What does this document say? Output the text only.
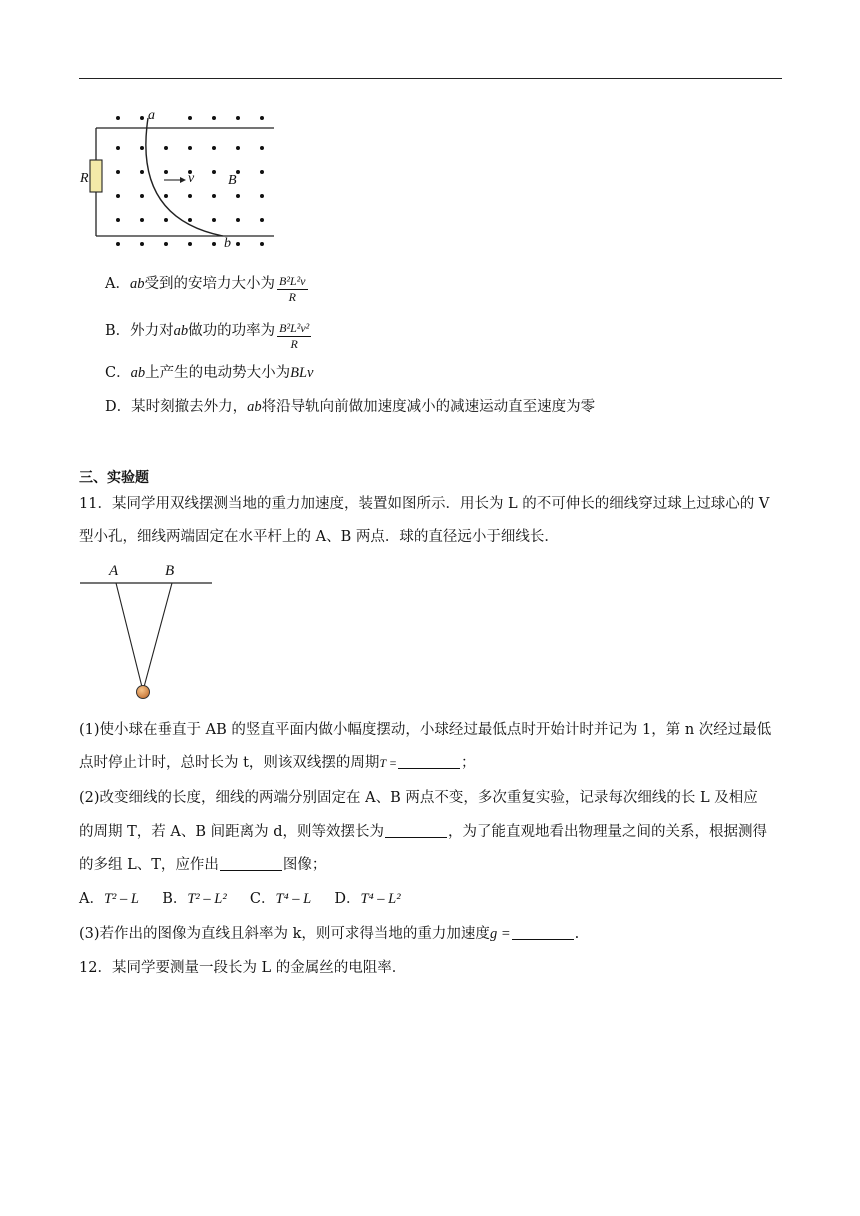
a
b
R	v B
A．ab受到的安培力大小为 $\frac{\text{B²L²v}}{R}$
B．外力对ab做功的功率为 $\frac{\text{B²L²v²}}{R}$
C．ab上产生的电动势大小为BLv
D．某时刻撤去外力，ab将沿导轨向前做加速度减小的减速运动直至速度为零
三、实验题
11．某同学用双线摆测当地的重力加速度，装置如图所示．用长为 L 的不可伸长的细线穿过球上过球心的 V
型小孔，细线两端固定在水平杆上的 A、B 两点．球的直径远小于细线长．
A	B
(1)使小球在垂直于 AB 的竖直平面内做小幅度摆动，小球经过最低点时开始计时并记为 1，第 n 次经过最低
点时停止计时，总时长为 t，则该双线摆的周期T =	；
(2)改变细线的长度，细线的两端分别固定在 A、B 两点不变，多次重复实验，记录每次细线的长 L 及相应
的周期 T，若 A、B 间距离为 d，则等效摆长为	，为了能直观地看出物理量之间的关系，根据测得
的多组 L、T，应作出	图像；
A．T² – L B．T² – L² C．T⁴ – L D．T⁴ – L²
(3)若作出的图像为直线且斜率为 k，则可求得当地的重力加速度g =	.
12．某同学要测量一段长为 L 的金属丝的电阻率．
